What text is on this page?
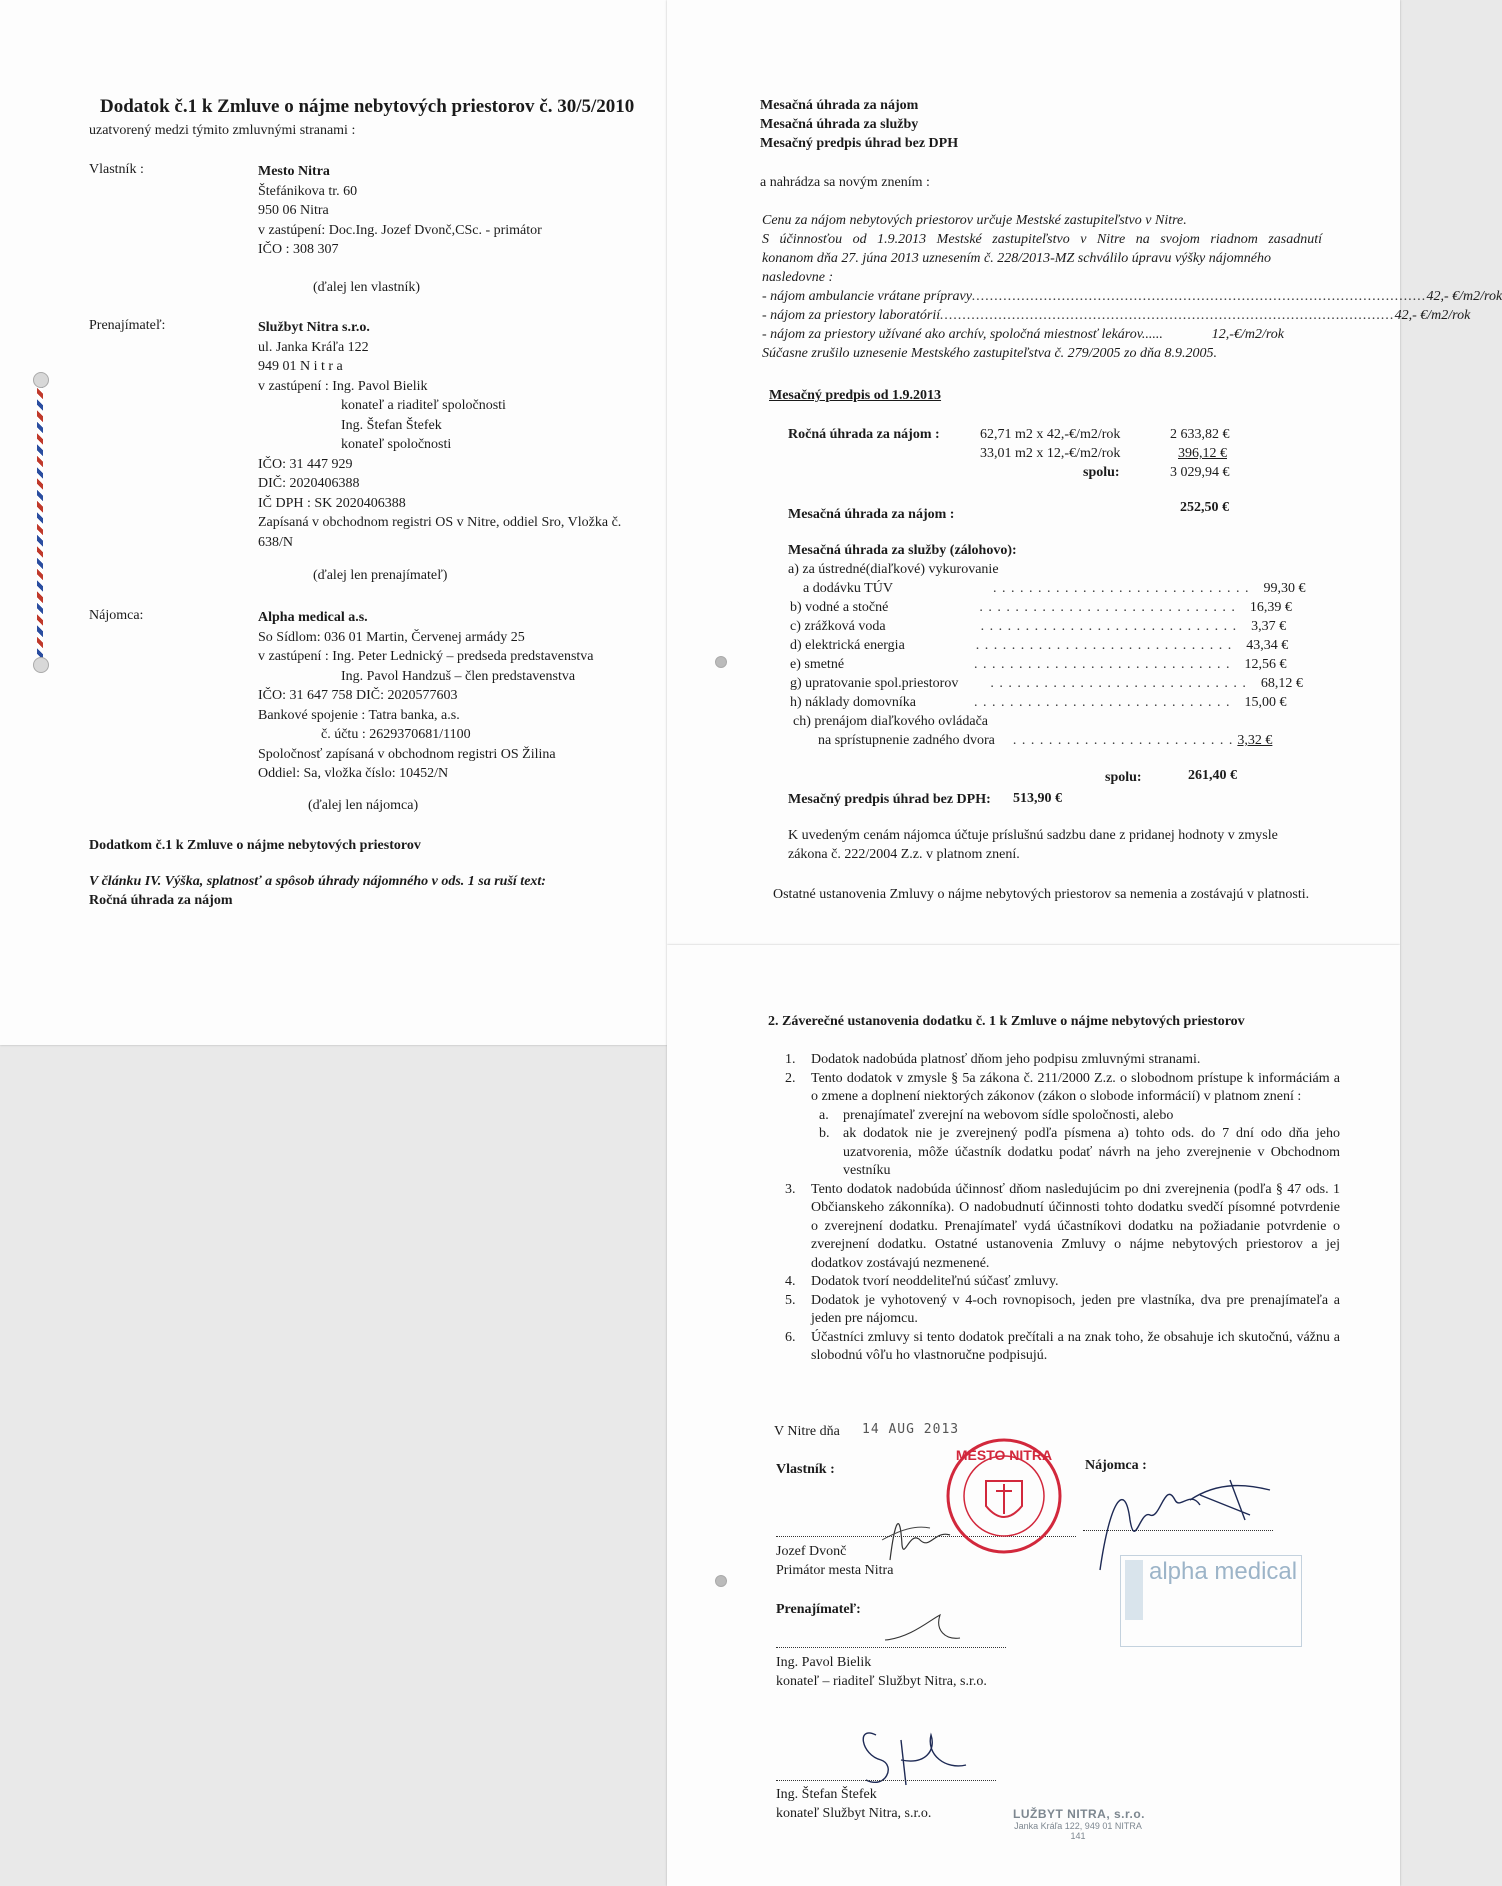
Dodatok č.1 k Zmluve o nájme nebytových priestorov č. 30/5/2010
uzatvorený medzi týmito zmluvnými stranami :
Vlastník :	Mesto Nitra
Štefánikova tr. 60
950 06 Nitra
v zastúpení: Doc.Ing. Jozef Dvonč,CSc. - primátor
IČO : 308 307
(ďalej len vlastník)
Prenajímateľ:	Službyt Nitra s.r.o.
ul. Janka Kráľa 122
949 01 N i t r a
v zastúpení : Ing. Pavol Bielik
konateľ a riaditeľ spoločnosti
Ing. Štefan Štefek
konateľ spoločnosti
IČO: 31 447 929
DIČ: 2020406388
IČ DPH : SK 2020406388
Zapísaná v obchodnom registri OS v Nitre, oddiel Sro, Vložka č.
638/N
(ďalej len prenajímateľ)
Nájomca:	Alpha medical a.s.
So Sídlom: 036 01 Martin, Červenej armády 25
v zastúpení : Ing. Peter Lednický – predseda predstavenstva
Ing. Pavol Handzuš – člen predstavenstva
IČO: 31 647 758 DIČ: 2020577603
Bankové spojenie : Tatra banka, a.s.
č. účtu : 2629370681/1100
Spoločnosť zapísaná v obchodnom registri OS Žilina
Oddiel: Sa, vložka číslo: 10452/N
(ďalej len nájomca)
Dodatkom č.1 k Zmluve o nájme nebytových priestorov
V článku IV. Výška, splatnosť a spôsob úhrady nájomného v ods. 1 sa ruší text:
Ročná úhrada za nájom
Mesačná úhrada za nájom
Mesačná úhrada za služby
Mesačný predpis úhrad bez DPH
a nahrádza sa novým znením :
Cenu za nájom nebytových priestorov určuje Mestské zastupiteľstvo v Nitre.
S účinnosťou od 1.9.2013 Mestské zastupiteľstvo v Nitre na svojom riadnom zasadnutí
konanom dňa 27. júna 2013 uznesením č. 228/2013-MZ schválilo úpravu výšky nájomného
nasledovne :
- nájom ambulancie vrátane prípravy ..................................................................................................... 42,- €/m2/rok
- nájom za priestory laboratórií ..................................................................................................... 42,- €/m2/rok
- nájom za priestory užívané ako archív, spoločná miestnosť lekárov......	12,-€/m2/rok
Súčasne zrušilo uznesenie Mestského zastupiteľstva č. 279/2005 zo dňa 8.9.2005.
Mesačný predpis od 1.9.2013
Ročná úhrada za nájom :	62,71 m2 x 42,-€/m2/rok	2 633,82 €
33,01 m2 x 12,-€/m2/rok	396,12 €
spolu:	3 029,94 €
Mesačná úhrada za nájom :	252,50 €
Mesačná úhrada za služby (zálohovo):
a) za ústredné(diaľkové) vykurovanie
a dodávku TÚV	. . . . . . . . . . . . . . . . . . . . . . . . . . . . . 99,30 €
b) vodné a stočné	. . . . . . . . . . . . . . . . . . . . . . . . . . . . . 16,39 €
c) zrážková voda	. . . . . . . . . . . . . . . . . . . . . . . . . . . . . 3,37 €
d) elektrická energia	. . . . . . . . . . . . . . . . . . . . . . . . . . . . . 43,34 €
e) smetné	. . . . . . . . . . . . . . . . . . . . . . . . . . . . . 12,56 €
g) upratovanie spol.priestorov . . . . . . . . . . . . . . . . . . . . . . . . . . . . . 68,12 €
h) náklady domovníka	. . . . . . . . . . . . . . . . . . . . . . . . . . . . . 15,00 €
ch) prenájom diaľkového ovládača
na sprístupnenie zadného dvora . . . . . . . . . . . . . . . . . . . . . . . . . 3,32 €
spolu:	261,40 €
Mesačný predpis úhrad bez DPH: 513,90 €
K uvedeným cenám nájomca účtuje príslušnú sadzbu dane z pridanej hodnoty v zmysle
zákona č. 222/2004 Z.z. v platnom znení.
Ostatné ustanovenia Zmluvy o nájme nebytových priestorov sa nemenia a zostávajú v platnosti.
2. Záverečné ustanovenia dodatku č. 1 k Zmluve o nájme nebytových priestorov
1.	Dodatok nadobúda platnosť dňom jeho podpisu zmluvnými stranami.
2.	Tento dodatok v zmysle § 5a zákona č. 211/2000 Z.z. o slobodnom prístupe k informáciám a o zmene a doplnení niektorých zákonov (zákon o slobode informácií) v platnom znení :
a.	prenajímateľ zverejní na webovom sídle spoločnosti, alebo
b. ak dodatok nie je zverejnený podľa písmena a) tohto ods. do 7 dní odo dňa jeho uzatvorenia, môže účastník dodatku podať návrh na jeho zverejnenie v Obchodnom vestníku
3.	Tento dodatok nadobúda účinnosť dňom nasledujúcim po dni zverejnenia (podľa § 47 ods. 1 Občianskeho zákonníka). O nadobudnutí účinnosti tohto dodatku svedčí písomné potvrdenie o zverejnení dodatku. Prenajímateľ vydá účastníkovi dodatku na požiadanie potvrdenie o zverejnení dodatku. Ostatné ustanovenia Zmluvy o nájme nebytových priestorov a jej dodatkov zostávajú nezmenené.
4.	Dodatok tvorí neoddeliteľnú súčasť zmluvy.
5.	Dodatok je vyhotovený v 4-och rovnopisoch, jeden pre vlastníka, dva pre prenajímateľa a jeden pre nájomcu.
6.	Účastníci zmluvy si tento dodatok prečítali a na znak toho, že obsahuje ich skutočnú, vážnu a slobodnú vôľu ho vlastnoručne podpisujú.
V Nitre dňa 14 AUG 2013
Vlastník :	Nájomca :
Jozef Dvonč
Primátor mesta Nitra
MESTO NITRA
alpha medical
Prenajímateľ:
Ing. Pavol Bielik
konateľ – riaditeľ Službyt Nitra, s.r.o.
Ing. Štefan Štefek
konateľ Službyt Nitra, s.r.o.	LUŽBYT NITRA, s.r.o.
Janka Kráľa 122, 949 01 NITRA
141
